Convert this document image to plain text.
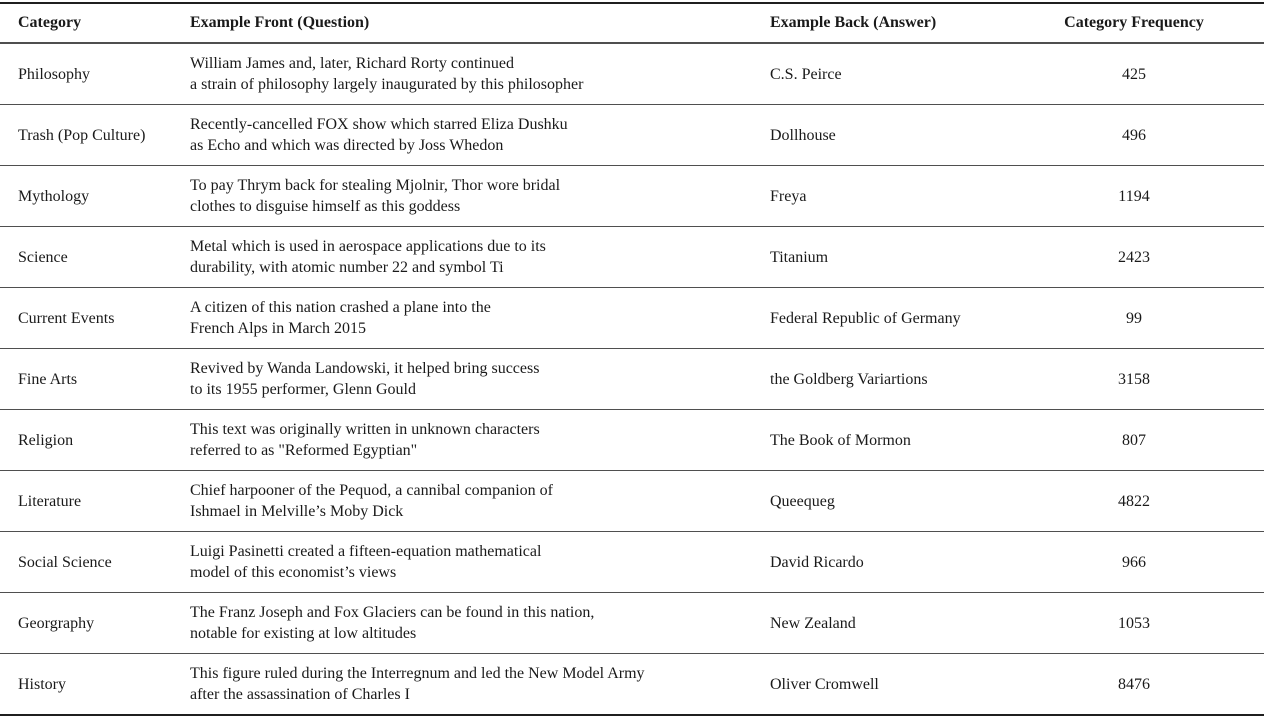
Category	Example Front (Question)	Example Back (Answer)	Category Frequency
Philosophy	William James and, later, Richard Rorty continued
a strain of philosophy largely inaugurated by this philosopher	C.S. Peirce	425
Trash (Pop Culture)	Recently-cancelled FOX show which starred Eliza Dushku
as Echo and which was directed by Joss Whedon	Dollhouse	496
Mythology	To pay Thrym back for stealing Mjolnir, Thor wore bridal
clothes to disguise himself as this goddess	Freya	1194
Science	Metal which is used in aerospace applications due to its
durability, with atomic number 22 and symbol Ti	Titanium	2423
Current Events	A citizen of this nation crashed a plane into the
French Alps in March 2015	Federal Republic of Germany	99
Fine Arts	Revived by Wanda Landowski, it helped bring success
to its 1955 performer, Glenn Gould	the Goldberg Variartions	3158
Religion	This text was originally written in unknown characters
referred to as "Reformed Egyptian"	The Book of Mormon	807
Literature	Chief harpooner of the Pequod, a cannibal companion of
Ishmael in Melville’s Moby Dick	Queequeg	4822
Social Science	Luigi Pasinetti created a fifteen-equation mathematical
model of this economist’s views	David Ricardo	966
Georgraphy	The Franz Joseph and Fox Glaciers can be found in this nation,
notable for existing at low altitudes	New Zealand	1053
History	This figure ruled during the Interregnum and led the New Model Army
after the assassination of Charles I	Oliver Cromwell	8476
